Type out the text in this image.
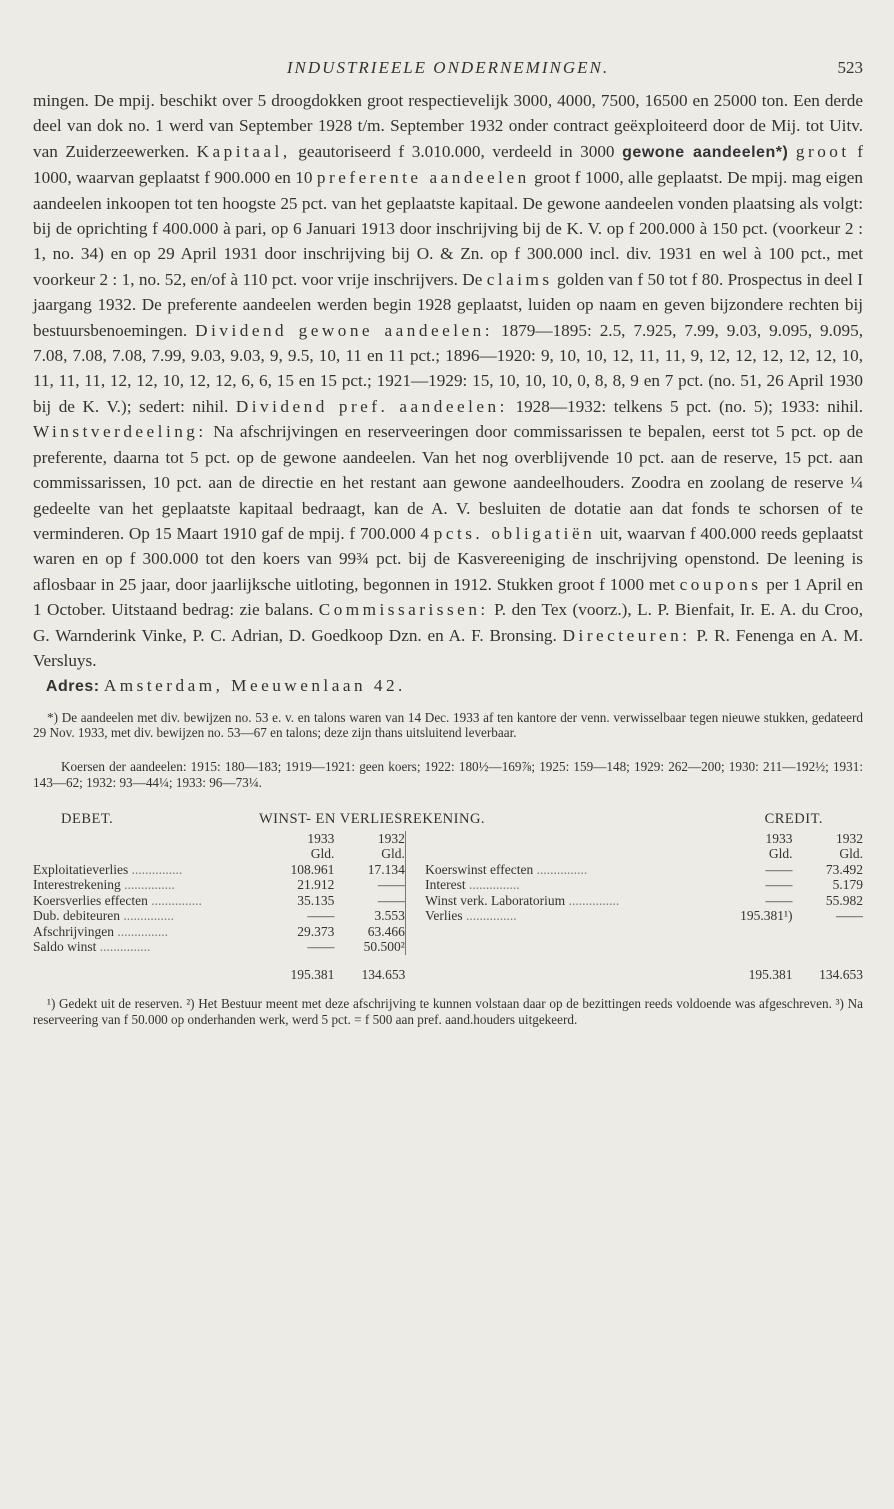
INDUSTRIEELE ONDERNEMINGEN.	523

mingen. De mpij. beschikt over 5 droogdokken groot respectievelijk 3000, 4000, 7500, 16500 en 25000 ton. Een derde deel van dok no. 1 werd van September 1928 t/m. September 1932 onder contract geëxploiteerd door de Mij. tot Uitv. van Zuiderzeewerken. Kapitaal, geautoriseerd f 3.010.000, verdeeld in 3000 gewone aandeelen*) groot f 1000, waarvan geplaatst f 900.000 en 10 preferente aandeelen groot f 1000, alle geplaatst. De mpij. mag eigen aandeelen inkoopen tot ten hoogste 25 pct. van het geplaatste kapitaal. De gewone aandeelen vonden plaatsing als volgt: bij de oprichting f 400.000 à pari, op 6 Januari 1913 door inschrijving bij de K. V. op f 200.000 à 150 pct. (voorkeur 2 : 1, no. 34) en op 29 April 1931 door inschrijving bij O. & Zn. op f 300.000 incl. div. 1931 en wel à 100 pct., met voorkeur 2 : 1, no. 52, en/of à 110 pct. voor vrije inschrijvers. De claims golden van f 50 tot f 80. Prospectus in deel I jaargang 1932. De preferente aandeelen werden begin 1928 geplaatst, luiden op naam en geven bijzondere rechten bij bestuursbenoemingen. Dividend gewone aandeelen: 1879—1895: 2.5, 7.925, 7.99, 9.03, 9.095, 9.095, 7.08, 7.08, 7.08, 7.99, 9.03, 9.03, 9, 9.5, 10, 11 en 11 pct.; 1896—1920: 9, 10, 10, 12, 11, 11, 9, 12, 12, 12, 12, 12, 10, 11, 11, 11, 12, 12, 10, 12, 12, 6, 6, 15 en 15 pct.; 1921—1929: 15, 10, 10, 10, 0, 8, 8, 9 en 7 pct. (no. 51, 26 April 1930 bij de K. V.); sedert: nihil. Dividend pref. aandeelen: 1928—1932: telkens 5 pct. (no. 5); 1933: nihil. Winstverdeeling: Na afschrijvingen en reserveeringen door commissarissen te bepalen, eerst tot 5 pct. op de preferente, daarna tot 5 pct. op de gewone aandeelen. Van het nog overblijvende 10 pct. aan de reserve, 15 pct. aan commissarissen, 10 pct. aan de directie en het restant aan gewone aandeelhouders. Zoodra en zoolang de reserve ¼ gedeelte van het geplaatste kapitaal bedraagt, kan de A. V. besluiten de dotatie aan dat fonds te schorsen of te verminderen. Op 15 Maart 1910 gaf de mpij. f 700.000 4 pcts. obligatiën uit, waarvan f 400.000 reeds geplaatst waren en op f 300.000 tot den koers van 99¾ pct. bij de Kasvereeniging de inschrijving openstond. De leening is aflosbaar in 25 jaar, door jaarlijksche uitloting, begonnen in 1912. Stukken groot f 1000 met coupons per 1 April en 1 October. Uitstaand bedrag: zie balans. Commissarissen: P. den Tex (voorz.), L. P. Bienfait, Ir. E. A. du Croo, G. Warnderink Vinke, P. C. Adrian, D. Goedkoop Dzn. en A. F. Bronsing. Directeuren: P. R. Fenenga en A. M. Versluys.

Adres: Amsterdam, Meeuwenlaan 42.

*) De aandeelen met div. bewijzen no. 53 e. v. en talons waren van 14 Dec. 1933 af ten kantore der venn. verwisselbaar tegen nieuwe stukken, gedateerd 29 Nov. 1933, met div. bewijzen no. 53—67 en talons; deze zijn thans uitsluitend leverbaar.
Koersen der aandeelen: 1915: 180—183; 1919—1921: geen koers; 1922: 180½—169⅞; 1925: 159—148; 1929: 262—200; 1930: 211—192½; 1931: 143—62; 1932: 93—44¼; 1933: 96—73¼.
DEBET.	WINST- EN VERLIESREKENING.	CREDIT.
	1933	1932			1933	1932
	Gld.	Gld.			Gld.	Gld.
Exploitatieverlies .....	108.961	17.134		Koerswinst effecten .....	——	73.492
Interestrekening .....	21.912	——		Interest .....	——	5.179
Koersverlies effecten .....	35.135	——		Winst verk. Laboratorium .....	——	55.982
Dub. debiteuren .....	——	3.553		Verlies .....	195.381¹)	——
Afschrijvingen .....	29.373	63.466				
Saldo winst .....	——	50.500²				
	195.381	134.653			195.381	134.653
¹) Gedekt uit de reserven. ²) Het Bestuur meent met deze afschrijving te kunnen volstaan daar op de bezittingen reeds voldoende was afgeschreven. ³) Na reserveering van f 50.000 op onderhanden werk, werd 5 pct. = f 500 aan pref. aand.houders uitgekeerd.
